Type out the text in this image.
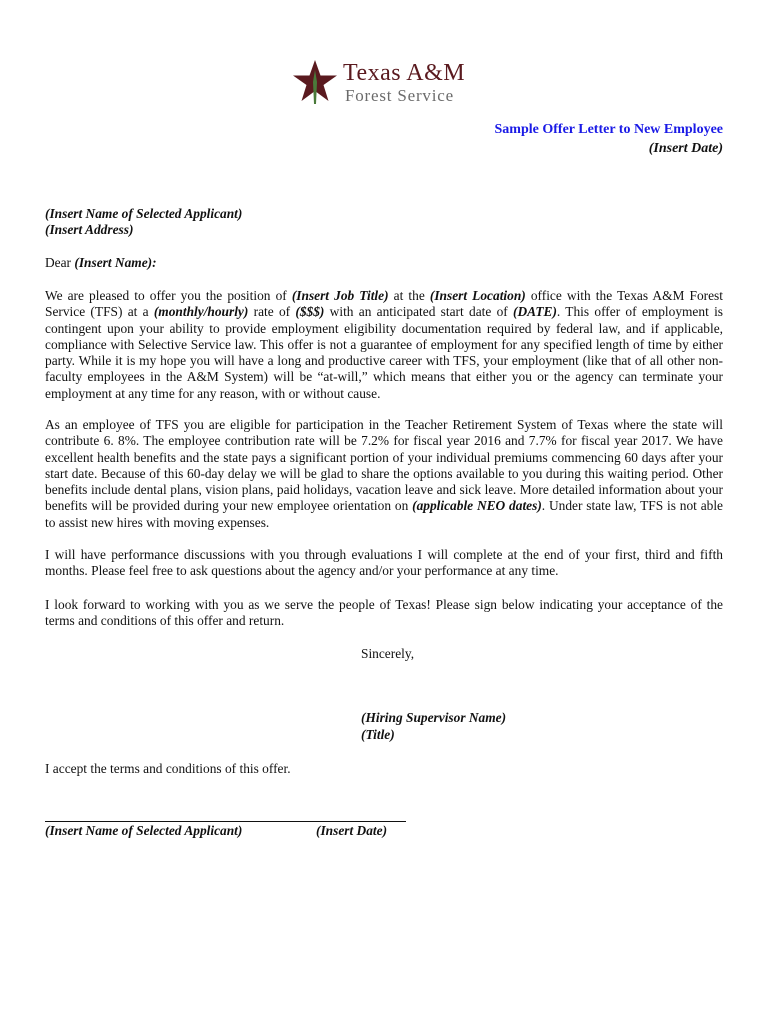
Texas A&M
Forest Service
Sample Offer Letter to New Employee
(Insert Date)
(Insert Name of Selected Applicant)
(Insert Address)
Dear (Insert Name):
We are pleased to offer you the position of (Insert Job Title) at the (Insert Location) office with the Texas A&M Forest Service (TFS) at a (monthly/hourly) rate of ($$$) with an anticipated start date of (DATE). This offer of employment is contingent upon your ability to provide employment eligibility documentation required by federal law, and if applicable, compliance with Selective Service law. This offer is not a guarantee of employment for any specified length of time by either party. While it is my hope you will have a long and productive career with TFS, your employment (like that of all other non-faculty employees in the A&M System) will be “at-will,” which means that either you or the agency can terminate your employment at any time for any reason, with or without cause.
As an employee of TFS you are eligible for participation in the Teacher Retirement System of Texas where the state will contribute 6. 8%. The employee contribution rate will be 7.2% for fiscal year 2016 and 7.7% for fiscal year 2017. We have excellent health benefits and the state pays a significant portion of your individual premiums commencing 60 days after your start date. Because of this 60-day delay we will be glad to share the options available to you during this waiting period. Other benefits include dental plans, vision plans, paid holidays, vacation leave and sick leave. More detailed information about your benefits will be provided during your new employee orientation on (applicable NEO dates). Under state law, TFS is not able to assist new hires with moving expenses.
I will have performance discussions with you through evaluations I will complete at the end of your first, third and fifth months. Please feel free to ask questions about the agency and/or your performance at any time.
I look forward to working with you as we serve the people of Texas! Please sign below indicating your acceptance of the terms and conditions of this offer and return.
Sincerely,
(Hiring Supervisor Name)
(Title)
I accept the terms and conditions of this offer.
(Insert Name of Selected Applicant)	(Insert Date)
